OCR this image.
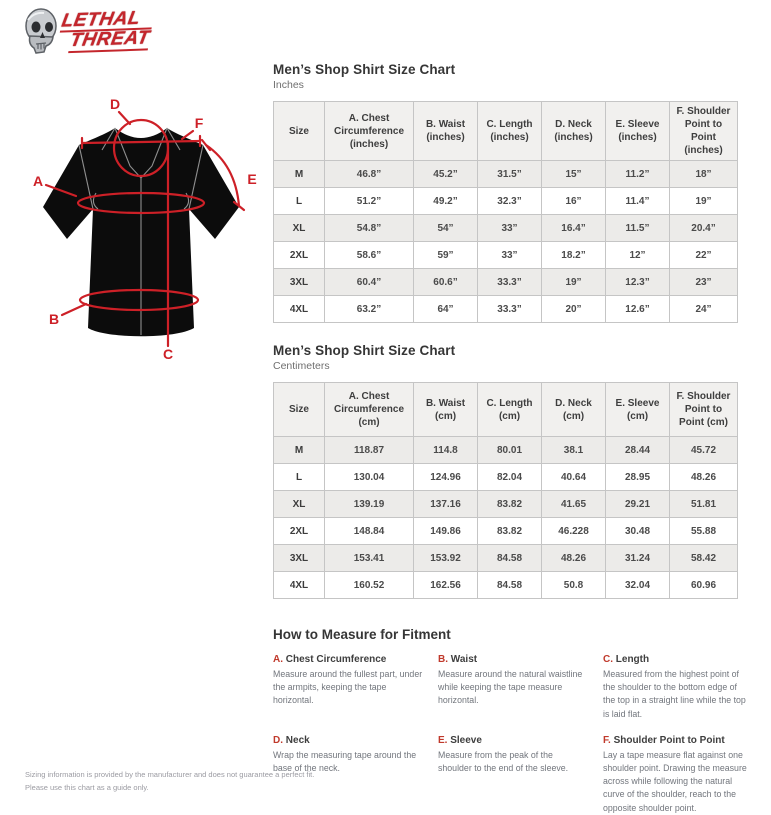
LETHAL
THREAT
A
B
C
D
E
F
Men’s Shop Shirt Size Chart
Inches
Size	A. Chest Circumference (inches)	B. Waist (inches)	C. Length (inches)	D. Neck (inches)	E. Sleeve (inches)	F. Shoulder Point to Point (inches)
M	46.8”	45.2”	31.5”	15”	11.2”	18”
L	51.2”	49.2”	32.3”	16”	11.4”	19”
XL	54.8”	54”	33”	16.4”	11.5”	20.4”
2XL	58.6”	59”	33”	18.2”	12”	22”
3XL	60.4”	60.6”	33.3”	19”	12.3”	23”
4XL	63.2”	64”	33.3”	20”	12.6”	24”
Men’s Shop Shirt Size Chart
Centimeters
Size	A. Chest Circumference (cm)	B. Waist (cm)	C. Length (cm)	D. Neck (cm)	E. Sleeve (cm)	F. Shoulder Point to Point (cm)
M	118.87	114.8	80.01	38.1	28.44	45.72
L	130.04	124.96	82.04	40.64	28.95	48.26
XL	139.19	137.16	83.82	41.65	29.21	51.81
2XL	148.84	149.86	83.82	46.228	30.48	55.88
3XL	153.41	153.92	84.58	48.26	31.24	58.42
4XL	160.52	162.56	84.58	50.8	32.04	60.96
How to Measure for Fitment
A. Chest Circumference
Measure around the fullest part, under the armpits, keeping the tape horizontal.
B. Waist
Measure around the natural waistline while keeping the tape measure horizontal.
C. Length
Measured from the highest point of the shoulder to the bottom edge of the top in a straight line while the top is laid flat.
D. Neck
Wrap the measuring tape around the base of the neck.
E. Sleeve
Measure from the peak of the shoulder to the end of the sleeve.
F. Shoulder Point to Point
Lay a tape measure flat against one shoulder point. Drawing the measure across while following the natural curve of the shoulder, reach to the opposite shoulder point.
Sizing information is provided by the manufacturer and does not guarantee a perfect fit.
Please use this chart as a guide only.
